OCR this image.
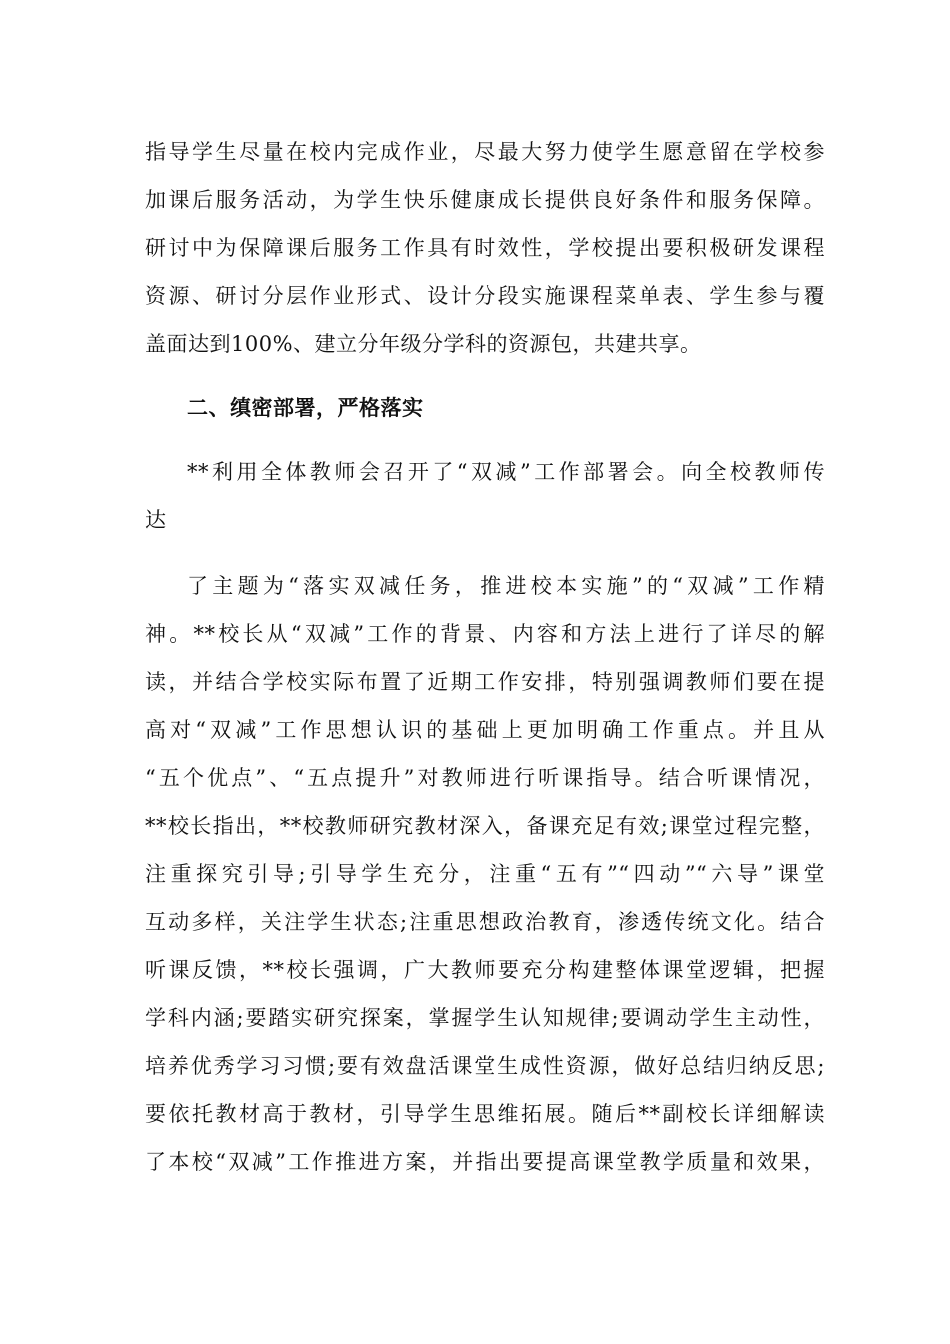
指导学生尽量在校内完成作业，尽最大努力使学生愿意留在学校参
加课后服务活动，为学生快乐健康成长提供良好条件和服务保障。
研讨中为保障课后服务工作具有时效性，学校提出要积极研发课程
资源、研讨分层作业形式、设计分段实施课程菜单表、学生参与覆
盖面达到100%、建立分年级分学科的资源包，共建共享。
二、缜密部署，严格落实
**利用全体教师会召开了“双减”工作部署会。向全校教师传
达
了主题为“落实双减任务，推进校本实施”的“双减”工作精
神。**校长从“双减”工作的背景、内容和方法上进行了详尽的解
读，并结合学校实际布置了近期工作安排，特别强调教师们要在提
高对“双减”工作思想认识的基础上更加明确工作重点。并且从
“五个优点”、“五点提升”对教师进行听课指导。结合听课情况，
**校长指出，**校教师研究教材深入，备课充足有效;课堂过程完整，
注重探究引导;引导学生充分，注重“五有”“四动”“六导”课堂
互动多样，关注学生状态;注重思想政治教育，渗透传统文化。结合
听课反馈，**校长强调，广大教师要充分构建整体课堂逻辑，把握
学科内涵;要踏实研究探案，掌握学生认知规律;要调动学生主动性，
培养优秀学习习惯;要有效盘活课堂生成性资源，做好总结归纳反思;
要依托教材高于教材，引导学生思维拓展。随后**副校长详细解读
了本校“双减”工作推进方案，并指出要提高课堂教学质量和效果，
